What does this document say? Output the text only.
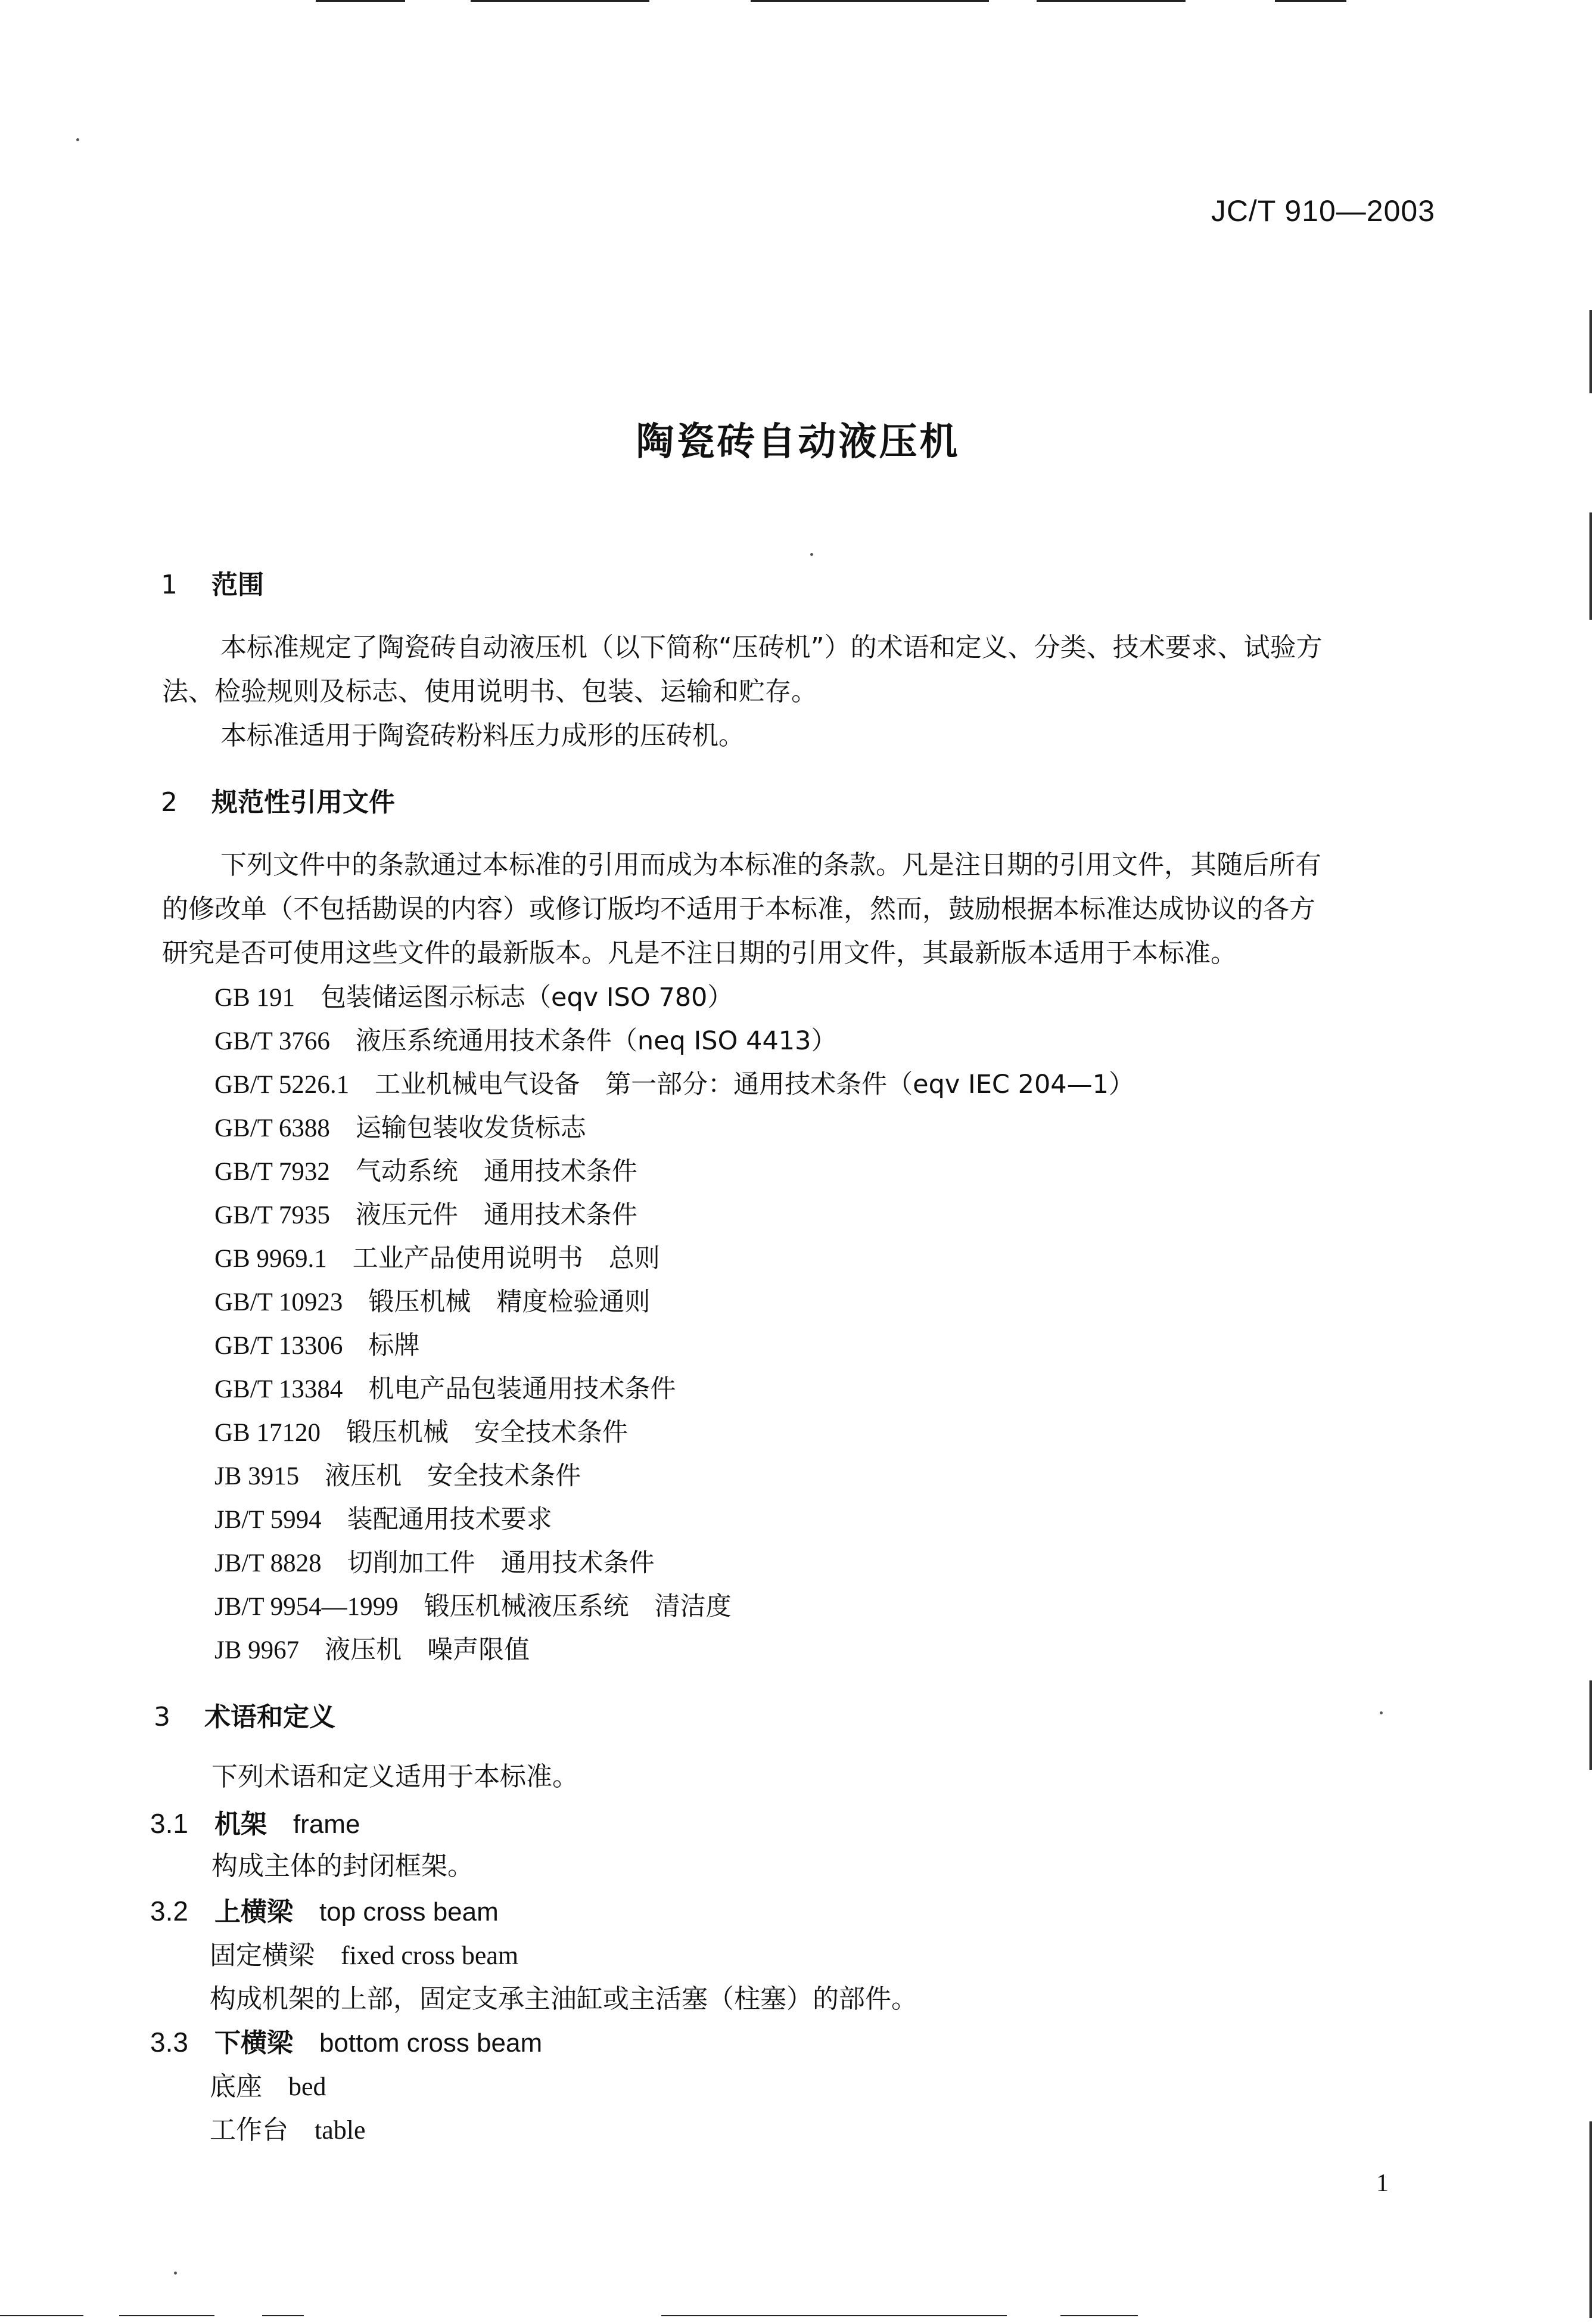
JC/T 910—2003
陶瓷砖自动液压机
1 范围
本标准规定了陶瓷砖自动液压机（以下简称“压砖机”）的术语和定义、分类、技术要求、试验方
法、检验规则及标志、使用说明书、包装、运输和贮存。
本标准适用于陶瓷砖粉料压力成形的压砖机。
2 规范性引用文件
下列文件中的条款通过本标准的引用而成为本标准的条款。凡是注日期的引用文件，其随后所有
的修改单（不包括勘误的内容）或修订版均不适用于本标准，然而，鼓励根据本标准达成协议的各方
研究是否可使用这些文件的最新版本。凡是不注日期的引用文件，其最新版本适用于本标准。
GB 191　 包装储运图示标志（eqv ISO 780）
GB/T 3766　 液压系统通用技术条件（neq ISO 4413）
GB/T 5226.1　 工业机械电气设备　第一部分：通用技术条件（eqv IEC 204—1）
GB/T 6388　 运输包装收发货标志
GB/T 7932　 气动系统　通用技术条件
GB/T 7935　 液压元件　通用技术条件
GB 9969.1　 工业产品使用说明书　总则
GB/T 10923　 锻压机械　精度检验通则
GB/T 13306　 标牌
GB/T 13384　 机电产品包装通用技术条件
GB 17120　 锻压机械　安全技术条件
JB 3915　 液压机　安全技术条件
JB/T 5994　 装配通用技术要求
JB/T 8828　 切削加工件　通用技术条件
JB/T 9954—1999　 锻压机械液压系统　清洁度
JB 9967　 液压机　噪声限值
3 术语和定义
下列术语和定义适用于本标准。
3.1　 机架　 frame
构成主体的封闭框架。
3.2　 上横梁　 top cross beam
固定横梁　 fixed cross beam
构成机架的上部，固定支承主油缸或主活塞（柱塞）的部件。
3.3　 下横梁　 bottom cross beam
底座　 bed
工作台　 table
1
